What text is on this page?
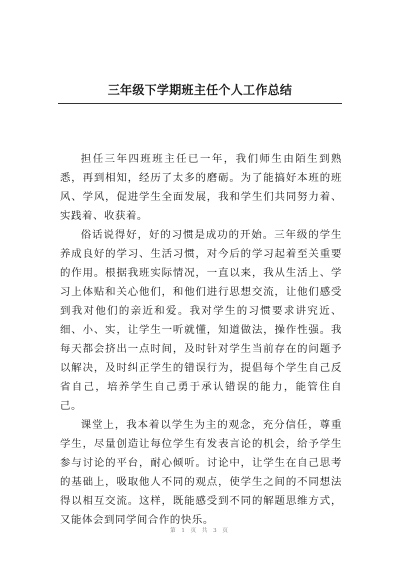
三年级下学期班主任个人工作总结

担任三年四班班主任已一年，我们师生由陌生到熟悉，再到相知，经历了太多的磨砺。为了能搞好本班的班风、学风，促进学生全面发展，我和学生们共同努力着、实践着、收获着。

俗话说得好，好的习惯是成功的开始。三年级的学生养成良好的学习、生活习惯，对今后的学习起着至关重要的作用。根据我班实际情况，一直以来，我从生活上、学习上体贴和关心他们，和他们进行思想交流，让他们感受到我对他们的亲近和爱。我对学生的习惯要求讲究近、细、小、实，让学生一听就懂，知道做法，操作性强。我每天都会挤出一点时间，及时针对学生当前存在的问题予以解决，及时纠正学生的错误行为，提倡每个学生自己反省自己，培养学生自己勇于承认错误的能力，能管住自己。

课堂上，我本着以学生为主的观念，充分信任，尊重学生，尽量创造让每位学生有发表言论的机会，给予学生参与讨论的平台，耐心倾听。讨论中，让学生在自己思考的基础上，吸取他人不同的观点，使学生之间的不同想法得以相互交流。这样，既能感受到不同的解题思维方式，又能体会到同学间合作的快乐。

第 1 页 共 3 页
